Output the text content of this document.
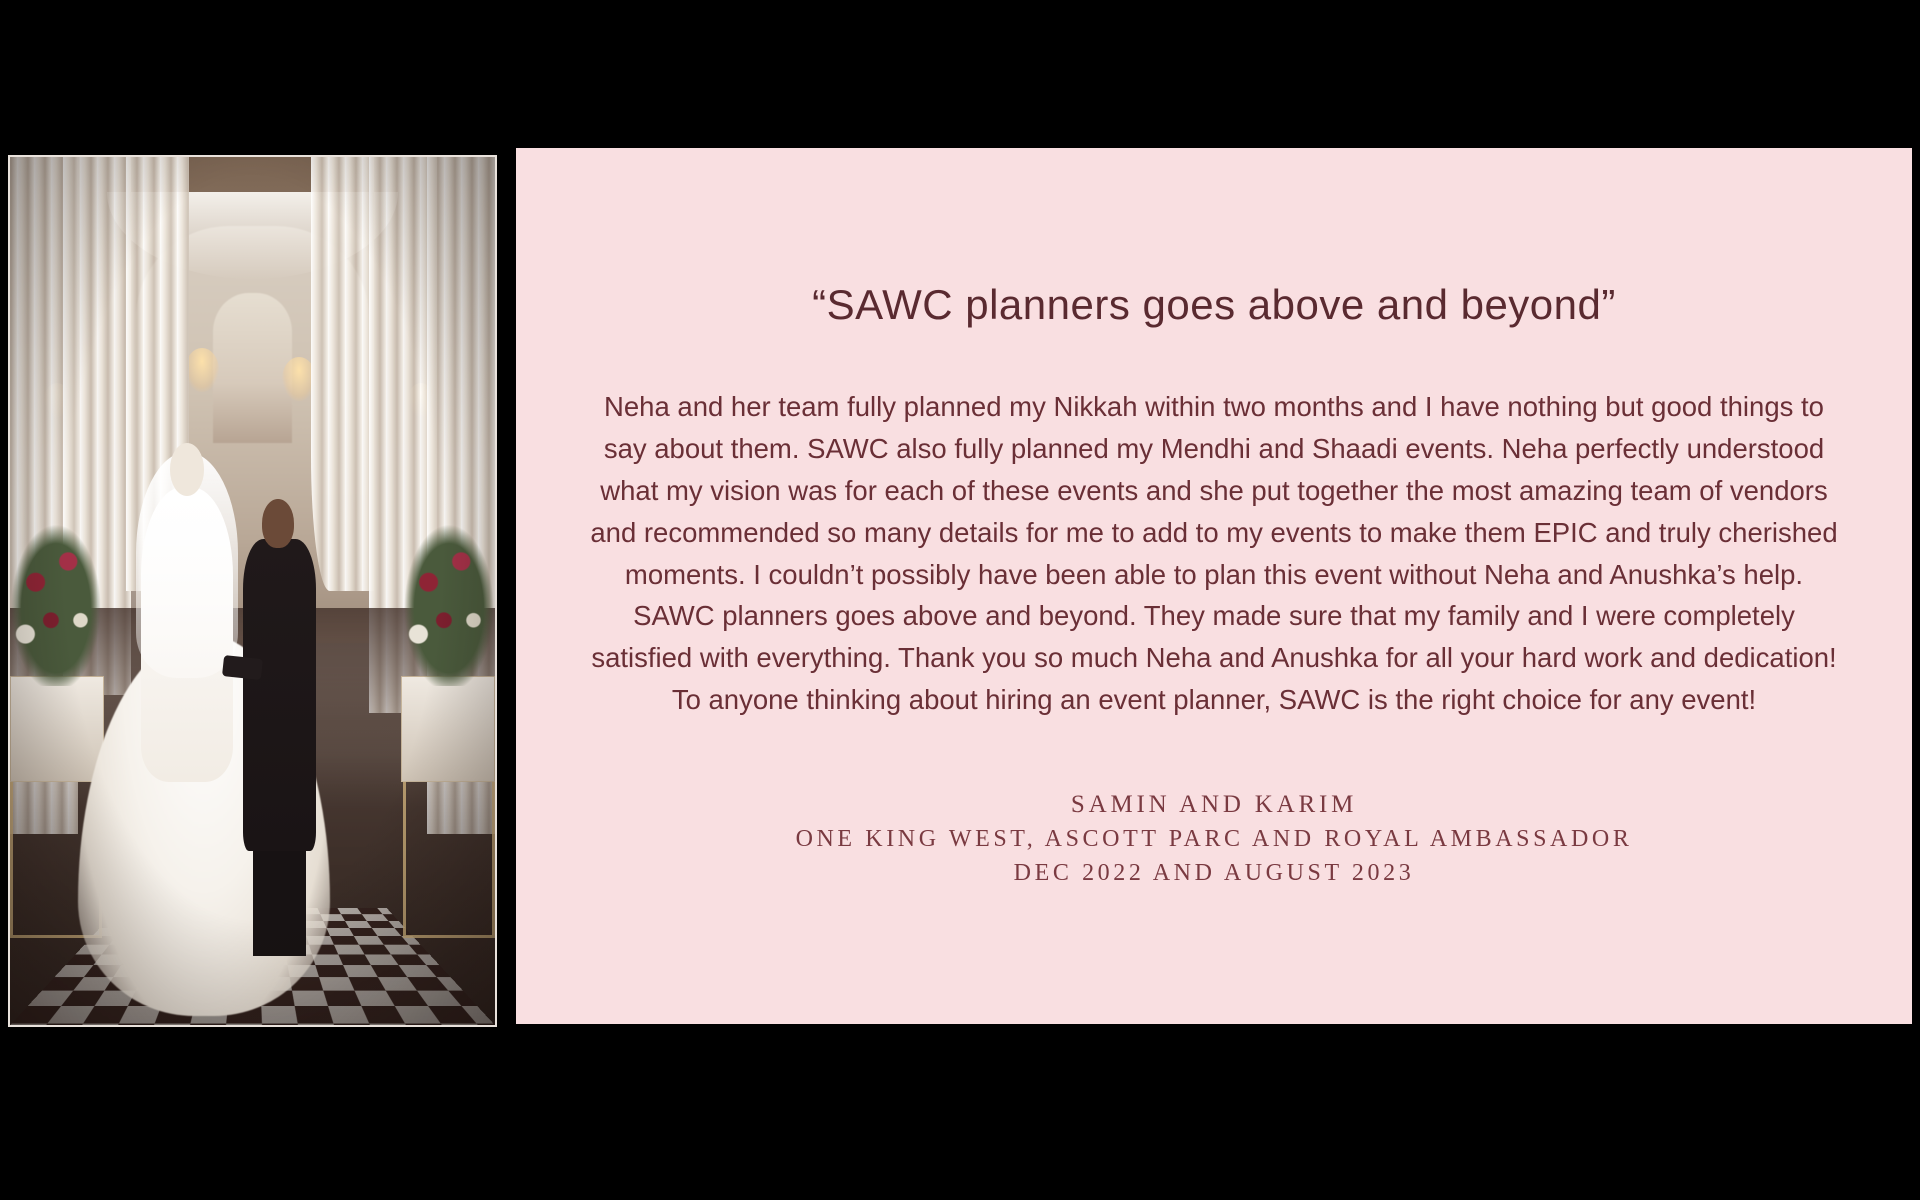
“SAWC planners goes above and beyond”

Neha and her team fully planned my Nikkah within two months and I have nothing but good things to say about them. SAWC also fully planned my Mendhi and Shaadi events. Neha perfectly understood what my vision was for each of these events and she put together the most amazing team of vendors and recommended so many details for me to add to my events to make them EPIC and truly cherished moments. I couldn’t possibly have been able to plan this event without Neha and Anushka’s help. SAWC planners goes above and beyond. They made sure that my family and I were completely satisfied with everything. Thank you so much Neha and Anushka for all your hard work and dedication! To anyone thinking about hiring an event planner, SAWC is the right choice for any event!

SAMIN AND KARIM
ONE KING WEST, ASCOTT PARC AND ROYAL AMBASSADOR
DEC 2022 AND AUGUST 2023
